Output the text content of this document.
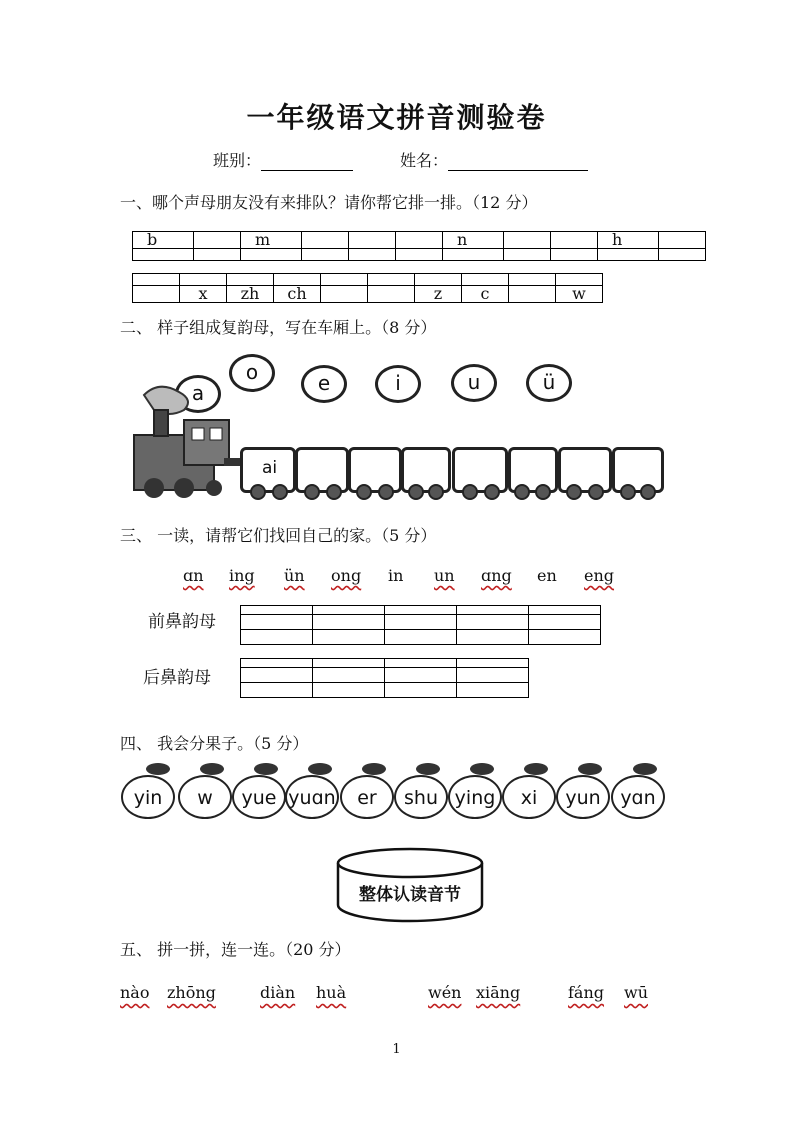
一年级语文拼音测验卷
班别：	姓名：
一、哪个声母朋友没有来排队？请你帮它排一排。（12 分）
b		m				n			h	

	x	zh	ch			z	c		w
二、 样子组成复韵母，写在车厢上。（8 分）
a
o	e	i	u	ü
ai
三、 一读，请帮它们找回自己的家。（5 分）
ɑn ing ün ong in un ɑng en eng
前鼻韵母

后鼻韵母

四、 我会分果子。（5 分）
yin	w	yue yuɑn	er	shu ying	xi	yun	yɑn
整体认读音节
五、 拼一拼，连一连。（20 分）
nào zhōng	diàn huà	wén xiāng	fáng wū
1
